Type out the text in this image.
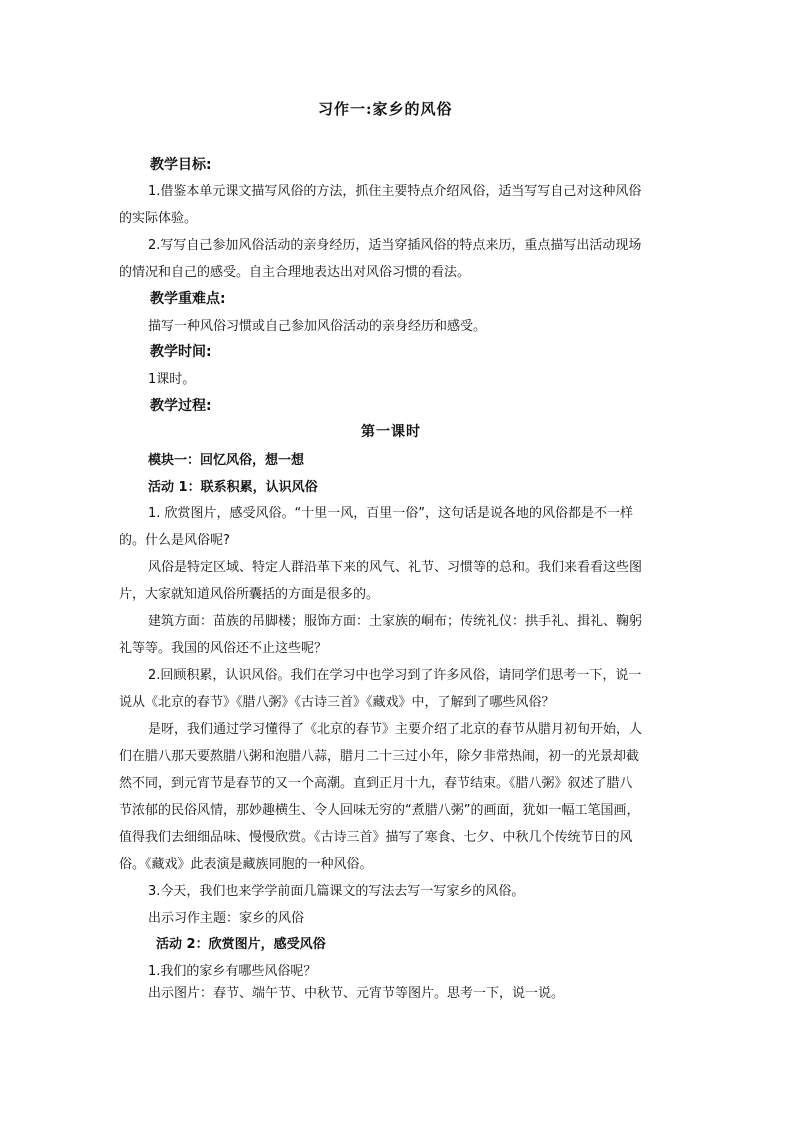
习作一:家乡的风俗
教学目标:
1.借鉴本单元课文描写风俗的方法，抓住主要特点介绍风俗，适当写写自己对这种风俗
的实际体验。
2.写写自己参加风俗活动的亲身经历，适当穿插风俗的特点来历，重点描写出活动现场
的情况和自己的感受。自主合理地表达出对风俗习惯的看法。
教学重难点:
描写一种风俗习惯或自己参加风俗活动的亲身经历和感受。
教学时间:
1课时。
教学过程:
第一课时
模块一：回忆风俗，想一想
活动 1：联系积累，认识风俗
1. 欣赏图片，感受风俗。“十里一风，百里一俗”，这句话是说各地的风俗都是不一样
的。什么是风俗呢?
风俗是特定区域、特定人群沿革下来的风气、礼节、习惯等的总和。我们来看看这些图
片，大家就知道风俗所囊括的方面是很多的。
建筑方面：苗族的吊脚楼；服饰方面：土家族的峒布；传统礼仪：拱手礼、揖礼、鞠躬
礼等等。我国的风俗还不止这些呢？
2.回顾积累，认识风俗。我们在学习中也学习到了许多风俗，请同学们思考一下，说一
说从《北京的春节》《腊八粥》《古诗三首》《藏戏》中，了解到了哪些风俗？
是呀，我们通过学习懂得了《北京的春节》主要介绍了北京的春节从腊月初旬开始，人
们在腊八那天要熬腊八粥和泡腊八蒜，腊月二十三过小年，除夕非常热闹，初一的光景却截
然不同，到元宵节是春节的又一个高潮。直到正月十九，春节结束。《腊八粥》叙述了腊八
节浓郁的民俗风情，那妙趣横生、令人回味无穷的“煮腊八粥”的画面，犹如一幅工笔国画，
值得我们去细细品味、慢慢欣赏。《古诗三首》描写了寒食、七夕、中秋几个传统节日的风
俗。《藏戏》此表演是藏族同胞的一种风俗。
3.今天，我们也来学学前面几篇课文的写法去写一写家乡的风俗。
出示习作主题：家乡的风俗
活动 2：欣赏图片，感受风俗
1.我们的家乡有哪些风俗呢？
出示图片：春节、端午节、中秋节、元宵节等图片。思考一下，说一说。
